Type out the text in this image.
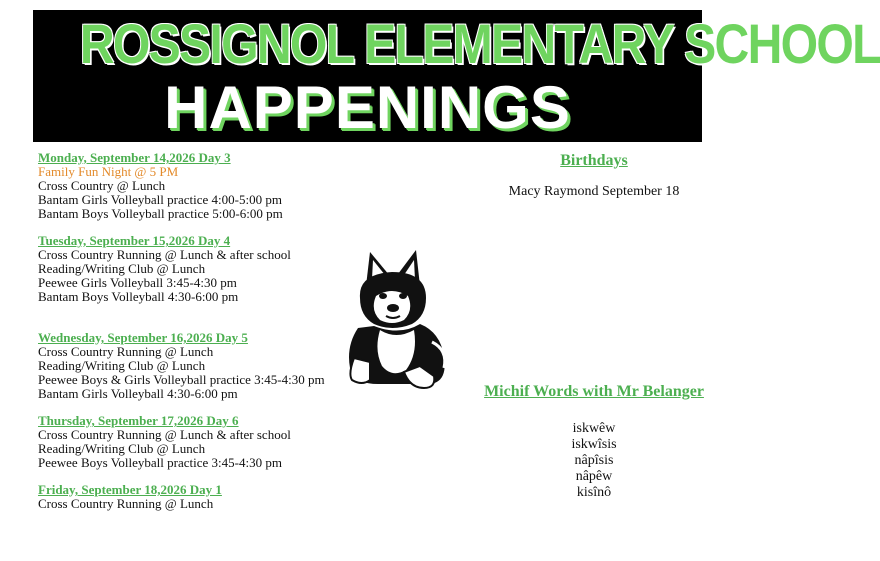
ROSSIGNOL ELEMENTARY SCHOOL
HAPPENINGS
Monday, September 14,2026 Day 3
Family Fun Night @ 5 PM
Cross Country @ Lunch
Bantam Girls Volleyball practice 4:00-5:00 pm
Bantam Boys Volleyball practice 5:00-6:00 pm
Tuesday, September 15,2026 Day 4
Cross Country Running @ Lunch & after school
Reading/Writing Club @ Lunch
Peewee Girls Volleyball 3:45-4:30 pm
Bantam Boys Volleyball 4:30-6:00 pm
Wednesday, September 16,2026 Day 5
Cross Country Running @ Lunch
Reading/Writing Club @ Lunch
Peewee Boys & Girls Volleyball practice 3:45-4:30 pm
Bantam Girls Volleyball 4:30-6:00 pm
Thursday, September 17,2026 Day 6
Cross Country Running @ Lunch & after school
Reading/Writing Club @ Lunch
Peewee Boys Volleyball practice 3:45-4:30 pm
Friday, September 18,2026 Day 1
Cross Country Running @ Lunch
Birthdays
Macy Raymond September 18
Michif Words with Mr Belanger
iskwêw
iskwîsis
nâpîsis
nâpêw
kisînô
